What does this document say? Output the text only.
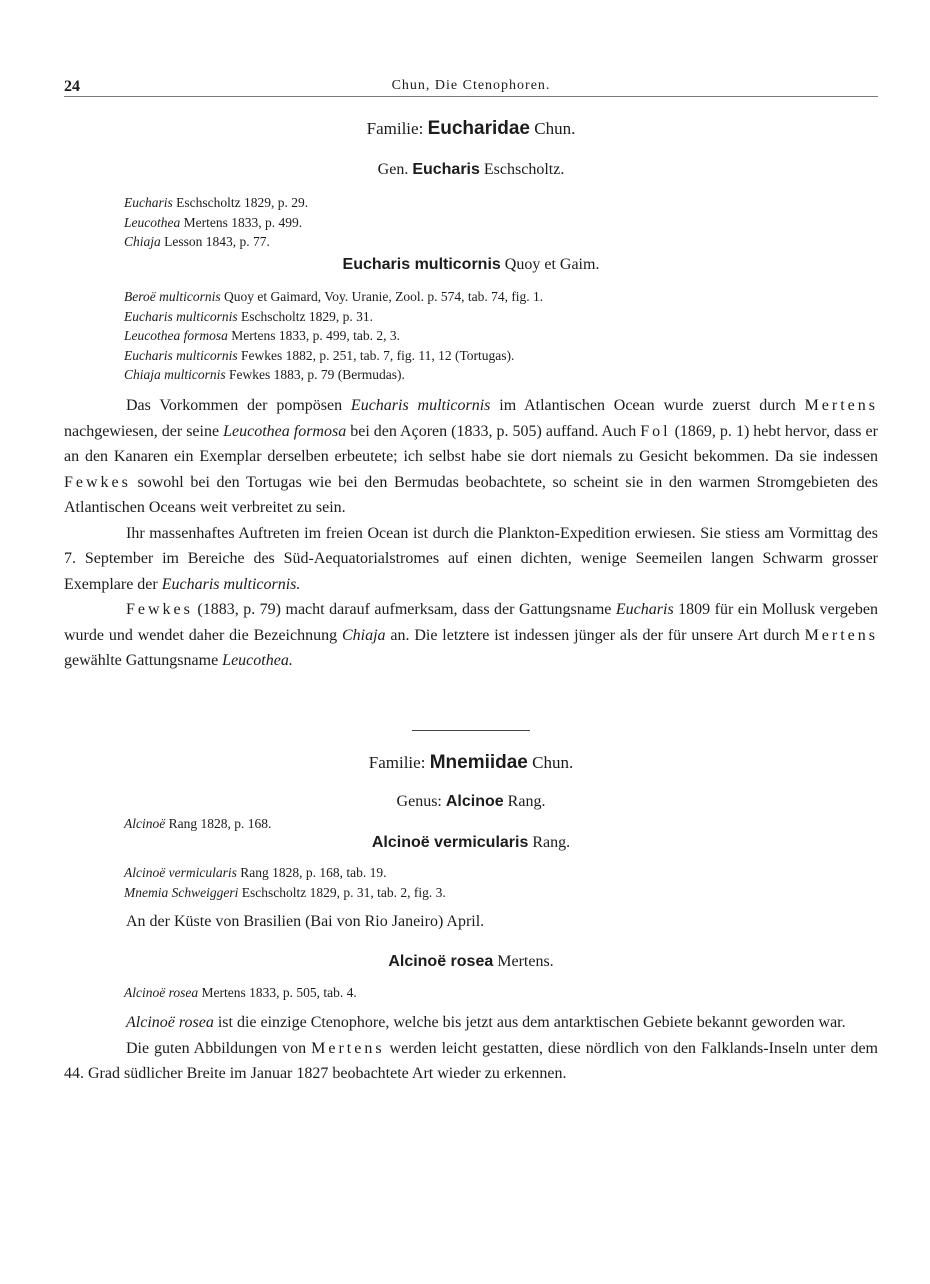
24	Chun, Die Ctenophoren.
Familie: Eucharidae Chun.
Gen. Eucharis Eschscholtz.
Eucharis Eschscholtz 1829, p. 29.
Leucothea Mertens 1833, p. 499.
Chiaja Lesson 1843, p. 77.
Eucharis multicornis Quoy et Gaim.
Beroë multicornis Quoy et Gaimard, Voy. Uranie, Zool. p. 574, tab. 74, fig. 1.
Eucharis multicornis Eschscholtz 1829, p. 31.
Leucothea formosa Mertens 1833, p. 499, tab. 2, 3.
Eucharis multicornis Fewkes 1882, p. 251, tab. 7, fig. 11, 12 (Tortugas).
Chiaja multicornis Fewkes 1883, p. 79 (Bermudas).

Das Vorkommen der pompösen Eucharis multicornis im Atlantischen Ocean wurde zuerst durch Mertens nachgewiesen, der seine Leucothea formosa bei den Açoren (1833, p. 505) auffand. Auch Fol (1869, p. 1) hebt hervor, dass er an den Kanaren ein Exemplar derselben erbeutete; ich selbst habe sie dort niemals zu Gesicht bekommen. Da sie indessen Fewkes sowohl bei den Tortugas wie bei den Bermudas beobachtete, so scheint sie in den warmen Stromgebieten des Atlantischen Oceans weit verbreitet zu sein.

Ihr massenhaftes Auftreten im freien Ocean ist durch die Plankton-Expedition erwiesen. Sie stiess am Vormittag des 7. September im Bereiche des Süd-Aequatorialstromes auf einen dichten, wenige Seemeilen langen Schwarm grosser Exemplare der Eucharis multicornis.

Fewkes (1883, p. 79) macht darauf aufmerksam, dass der Gattungsname Eucharis 1809 für ein Mollusk vergeben wurde und wendet daher die Bezeichnung Chiaja an. Die letztere ist indessen jünger als der für unsere Art durch Mertens gewählte Gattungsname Leucothea.

Familie: Mnemiidae Chun.
Genus: Alcinoe Rang.
Alcinoë Rang 1828, p. 168.
Alcinoë vermicularis Rang.
Alcinoë vermicularis Rang 1828, p. 168, tab. 19.
Mnemia Schweiggeri Eschscholtz 1829, p. 31, tab. 2, fig. 3.

An der Küste von Brasilien (Bai von Rio Janeiro) April.

Alcinoë rosea Mertens.
Alcinoë rosea Mertens 1833, p. 505, tab. 4.

Alcinoë rosea ist die einzige Ctenophore, welche bis jetzt aus dem antarktischen Gebiete bekannt geworden war.

Die guten Abbildungen von Mertens werden leicht gestatten, diese nördlich von den Falklands-Inseln unter dem 44. Grad südlicher Breite im Januar 1827 beobachtete Art wieder zu erkennen.
